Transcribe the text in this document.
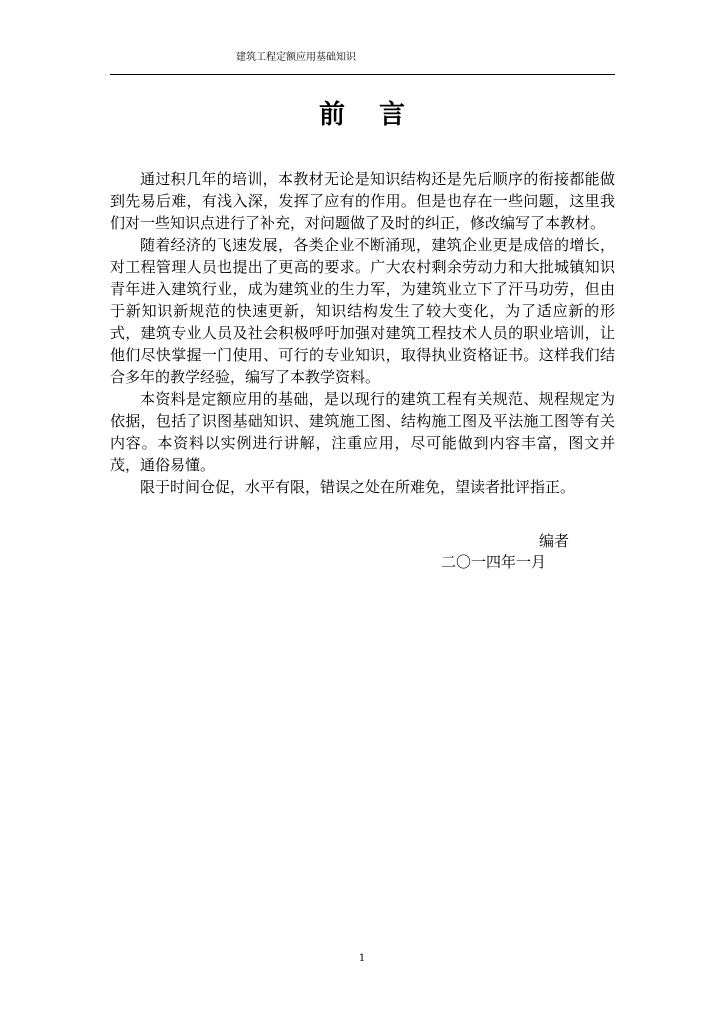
建筑工程定额应用基础知识
前言

通过积几年的培训，本教材无论是知识结构还是先后顺序的衔接都能做到先易后难，有浅入深，发挥了应有的作用。但是也存在一些问题，这里我们对一些知识点进行了补充，对问题做了及时的纠正，修改编写了本教材。

随着经济的飞速发展，各类企业不断涌现，建筑企业更是成倍的增长，对工程管理人员也提出了更高的要求。广大农村剩余劳动力和大批城镇知识青年进入建筑行业，成为建筑业的生力军，为建筑业立下了汗马功劳，但由于新知识新规范的快速更新，知识结构发生了较大变化，为了适应新的形式，建筑专业人员及社会积极呼吁加强对建筑工程技术人员的职业培训，让他们尽快掌握一门使用、可行的专业知识，取得执业资格证书。这样我们结合多年的教学经验，编写了本教学资料。

本资料是定额应用的基础，是以现行的建筑工程有关规范、规程规定为依据，包括了识图基础知识、建筑施工图、结构施工图及平法施工图等有关内容。本资料以实例进行讲解，注重应用，尽可能做到内容丰富，图文并茂，通俗易懂。

限于时间仓促，水平有限，错误之处在所难免，望读者批评指正。

编者
二〇一四年一月
1
